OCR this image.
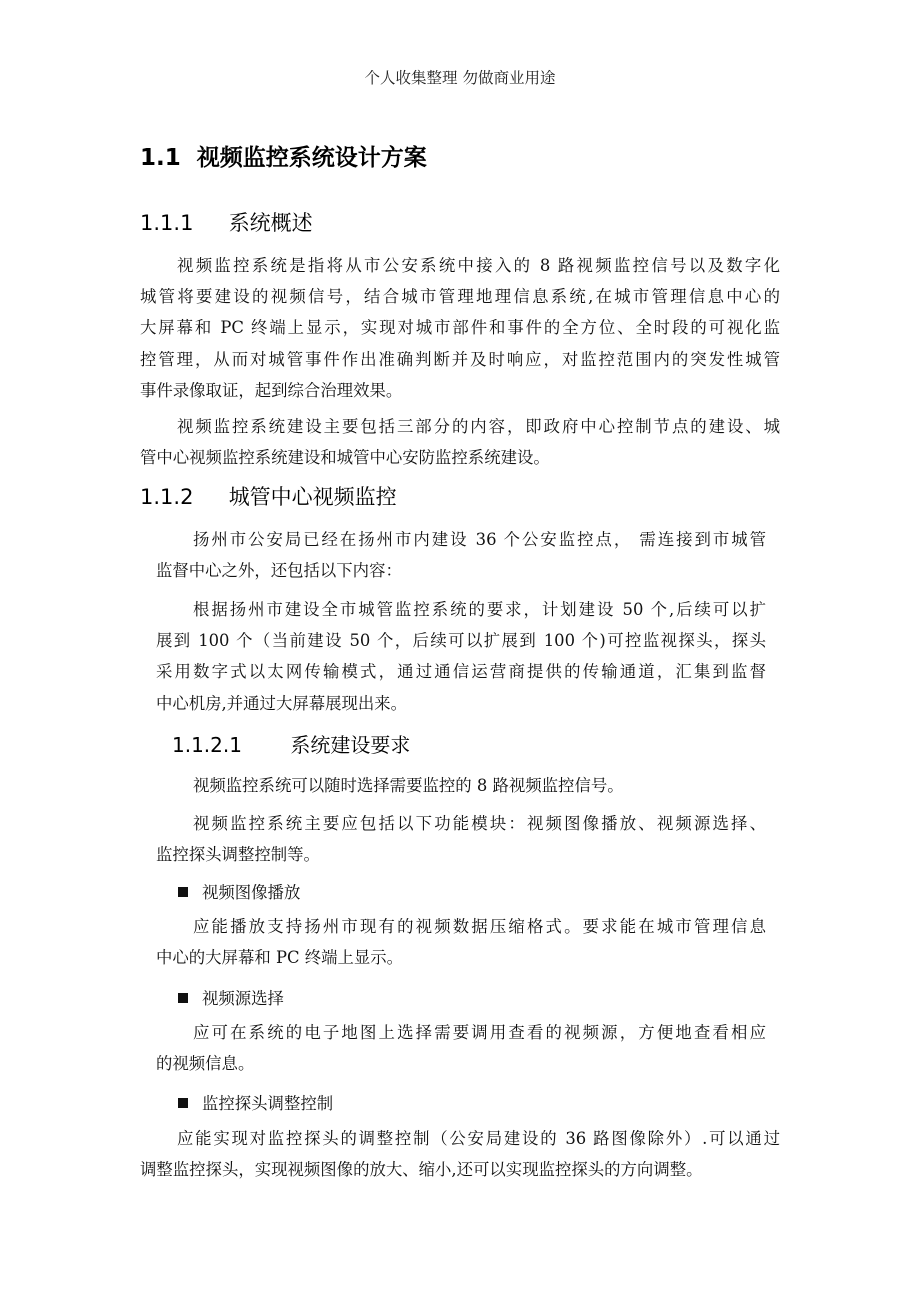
个人收集整理 勿做商业用途
1.1 视频监控系统设计方案
1.1.1 系统概述
视频监控系统是指将从市公安系统中接入的 8 路视频监控信号以及数字化
城管将要建设的视频信号，结合城市管理地理信息系统,在城市管理信息中心的
大屏幕和 PC 终端上显示，实现对城市部件和事件的全方位、全时段的可视化监
控管理，从而对城管事件作出准确判断并及时响应，对监控范围内的突发性城管
事件录像取证，起到综合治理效果。
视频监控系统建设主要包括三部分的内容，即政府中心控制节点的建设、城
管中心视频监控系统建设和城管中心安防监控系统建设。
1.1.2 城管中心视频监控
扬州市公安局已经在扬州市内建设 36 个公安监控点， 需连接到市城管
监督中心之外，还包括以下内容：
根据扬州市建设全市城管监控系统的要求，计划建设 50 个,后续可以扩
展到 100 个（当前建设 50 个，后续可以扩展到 100 个)可控监视探头，探头
采用数字式以太网传输模式，通过通信运营商提供的传输通道，汇集到监督
中心机房,并通过大屏幕展现出来。
1.1.2.1 系统建设要求
视频监控系统可以随时选择需要监控的 8 路视频监控信号。
视频监控系统主要应包括以下功能模块：视频图像播放、视频源选择、
监控探头调整控制等。
视频图像播放
应能播放支持扬州市现有的视频数据压缩格式。要求能在城市管理信息
中心的大屏幕和 PC 终端上显示。
视频源选择
应可在系统的电子地图上选择需要调用查看的视频源，方便地查看相应
的视频信息。
监控探头调整控制
应能实现对监控探头的调整控制（公安局建设的 36 路图像除外）.可以通过
调整监控探头，实现视频图像的放大、缩小,还可以实现监控探头的方向调整。
